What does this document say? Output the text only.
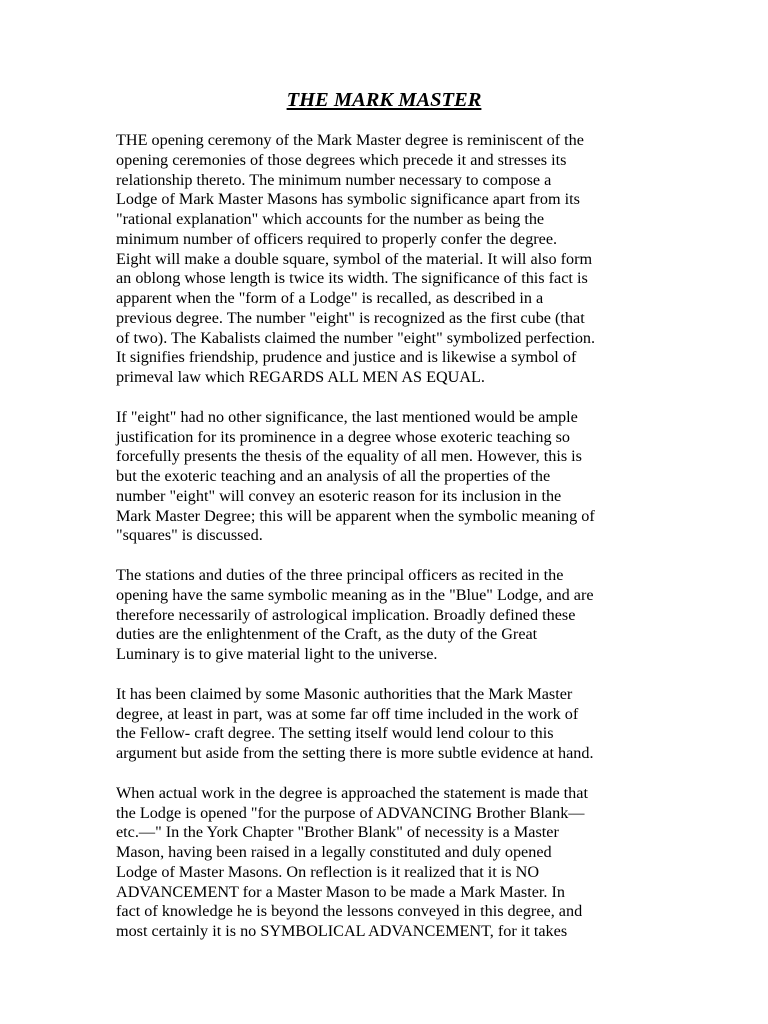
THE MARK MASTER

THE opening ceremony of the Mark Master degree is reminiscent of the
opening ceremonies of those degrees which precede it and stresses its
relationship thereto. The minimum number necessary to compose a
Lodge of Mark Master Masons has symbolic significance apart from its
"rational explanation" which accounts for the number as being the
minimum number of officers required to properly confer the degree.
Eight will make a double square, symbol of the material. It will also form
an oblong whose length is twice its width. The significance of this fact is
apparent when the "form of a Lodge" is recalled, as described in a
previous degree. The number "eight" is recognized as the first cube (that
of two). The Kabalists claimed the number "eight" symbolized perfection.
It signifies friendship, prudence and justice and is likewise a symbol of
primeval law which REGARDS ALL MEN AS EQUAL.

If "eight" had no other significance, the last mentioned would be ample
justification for its prominence in a degree whose exoteric teaching so
forcefully presents the thesis of the equality of all men. However, this is
but the exoteric teaching and an analysis of all the properties of the
number "eight" will convey an esoteric reason for its inclusion in the
Mark Master Degree; this will be apparent when the symbolic meaning of
"squares" is discussed.

The stations and duties of the three principal officers as recited in the
opening have the same symbolic meaning as in the "Blue" Lodge, and are
therefore necessarily of astrological implication. Broadly defined these
duties are the enlightenment of the Craft, as the duty of the Great
Luminary is to give material light to the universe.

It has been claimed by some Masonic authorities that the Mark Master
degree, at least in part, was at some far off time included in the work of
the Fellow- craft degree. The setting itself would lend colour to this
argument but aside from the setting there is more subtle evidence at hand.

When actual work in the degree is approached the statement is made that
the Lodge is opened "for the purpose of ADVANCING Brother Blank—
etc.—" In the York Chapter "Brother Blank" of necessity is a Master
Mason, having been raised in a legally constituted and duly opened
Lodge of Master Masons. On reflection is it realized that it is NO
ADVANCEMENT for a Master Mason to be made a Mark Master. In
fact of knowledge he is beyond the lessons conveyed in this degree, and
most certainly it is no SYMBOLICAL ADVANCEMENT, for it takes
